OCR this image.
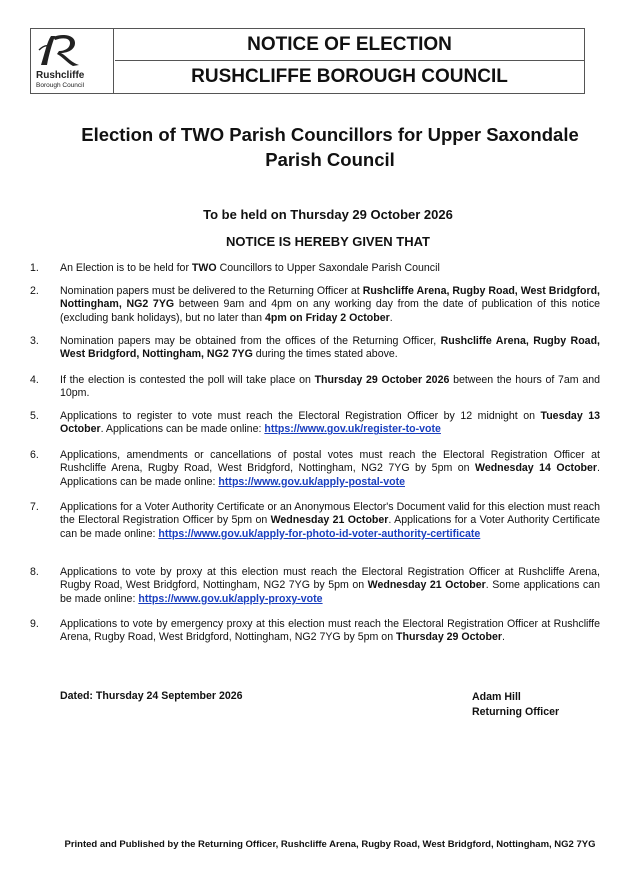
Rushcliffe
Borough Council
NOTICE OF ELECTION
RUSHCLIFFE BOROUGH COUNCIL
Election of TWO Parish Councillors for Upper Saxondale Parish Council
To be held on Thursday 29 October 2026
NOTICE IS HEREBY GIVEN THAT
1. An Election is to be held for TWO Councillors to Upper Saxondale Parish Council
2. Nomination papers must be delivered to the Returning Officer at Rushcliffe Arena, Rugby Road, West Bridgford, Nottingham, NG2 7YG between 9am and 4pm on any working day from the date of publication of this notice (excluding bank holidays), but no later than 4pm on Friday 2 October.
3. Nomination papers may be obtained from the offices of the Returning Officer, Rushcliffe Arena, Rugby Road, West Bridgford, Nottingham, NG2 7YG during the times stated above.
4. If the election is contested the poll will take place on Thursday 29 October 2026 between the hours of 7am and 10pm.
5. Applications to register to vote must reach the Electoral Registration Officer by 12 midnight on Tuesday 13 October. Applications can be made online: https://www.gov.uk/register-to-vote
6. Applications, amendments or cancellations of postal votes must reach the Electoral Registration Officer at Rushcliffe Arena, Rugby Road, West Bridgford, Nottingham, NG2 7YG by 5pm on Wednesday 14 October. Applications can be made online: https://www.gov.uk/apply-postal-vote
7. Applications for a Voter Authority Certificate or an Anonymous Elector's Document valid for this election must reach the Electoral Registration Officer by 5pm on Wednesday 21 October. Applications for a Voter Authority Certificate can be made online: https://www.gov.uk/apply-for-photo-id-voter-authority-certificate
8. Applications to vote by proxy at this election must reach the Electoral Registration Officer at Rushcliffe Arena, Rugby Road, West Bridgford, Nottingham, NG2 7YG by 5pm on Wednesday 21 October. Some applications can be made online: https://www.gov.uk/apply-proxy-vote
9. Applications to vote by emergency proxy at this election must reach the Electoral Registration Officer at Rushcliffe Arena, Rugby Road, West Bridgford, Nottingham, NG2 7YG by 5pm on Thursday 29 October.
Dated: Thursday 24 September 2026	Adam Hill
Returning Officer
Printed and Published by the Returning Officer, Rushcliffe Arena, Rugby Road, West Bridgford, Nottingham, NG2 7YG
